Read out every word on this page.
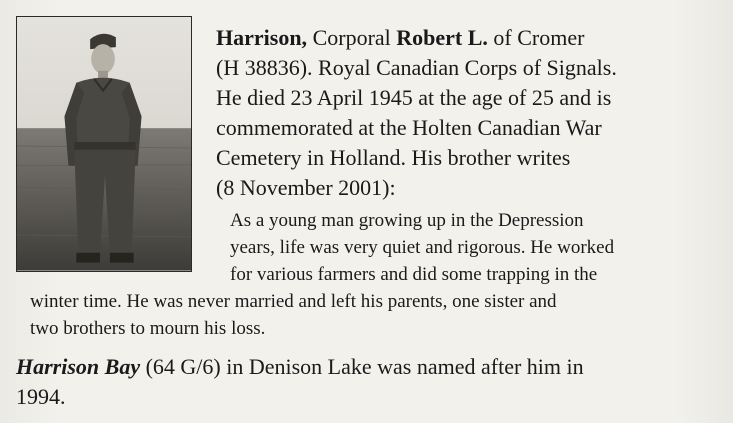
Harrison, Corporal Robert L. of Cromer
(H 38836). Royal Canadian Corps of Signals.
He died 23 April 1945 at the age of 25 and is
commemorated at the Holten Canadian War
Cemetery in Holland. His brother writes
(8 November 2001):
As a young man growing up in the Depression
years, life was very quiet and rigorous. He worked
for various farmers and did some trapping in the
winter time. He was never married and left his parents, one sister and
two brothers to mourn his loss.
Harrison Bay (64 G/6) in Denison Lake was named after him in
1994.
